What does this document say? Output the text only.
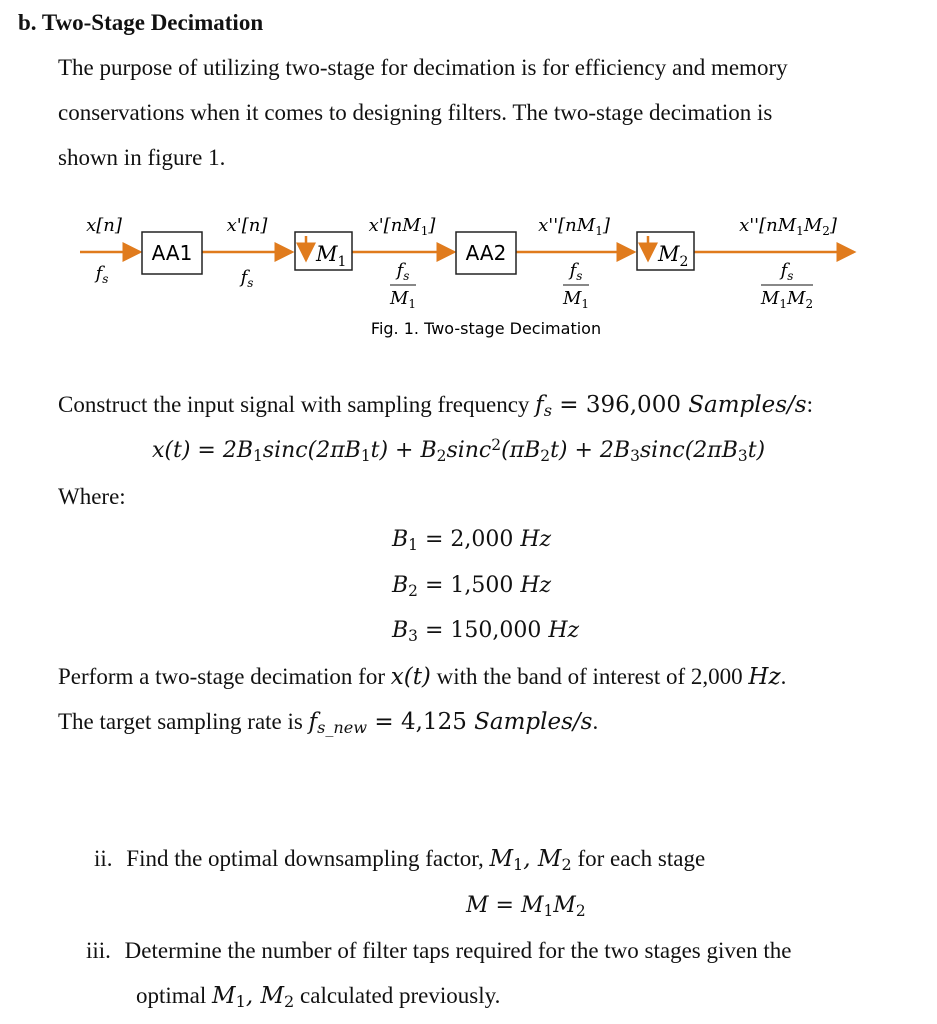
b. Two-Stage Decimation
The purpose of utilizing two-stage for decimation is for efficiency and memory
conservations when it comes to designing filters. The two-stage decimation is
shown in figure 1.
AA1	$M_1$	AA2	$M_2$
x[n]	x'[n]	$x'[nM_1]$	$x''[nM_1]$	$x''[nM_1M_2]$
$f_s$	$f_s$
$f_s$
$M_1$
$f_s$
$M_1$
$f_s$
$M_1M_2$
Fig. 1. Two-stage Decimation
Construct the input signal with sampling frequency $f_s = 396,000$ Samples/s:
$x(t) = 2B_1\sin c(2\pi B_1t) + B_2\sin c^2(\pi B_2t) + 2B_3\sin c(2\pi B_3t)$
Where:
$B_1 = 2,000$ Hz
$B_2 = 1,500$ Hz
$B_3 = 150,000$ Hz
Perform a two-stage decimation for x(t) with the band of interest of 2,000 Hz.
The target sampling rate is $f_{s\_new} = 4,125$ Samples/s.
ii. Find the optimal downsampling factor, $M_1$, $M_2$ for each stage
$M = M_1M_2$
iii. Determine the number of filter taps required for the two stages given the
optimal $M_1$, $M_2$ calculated previously.
